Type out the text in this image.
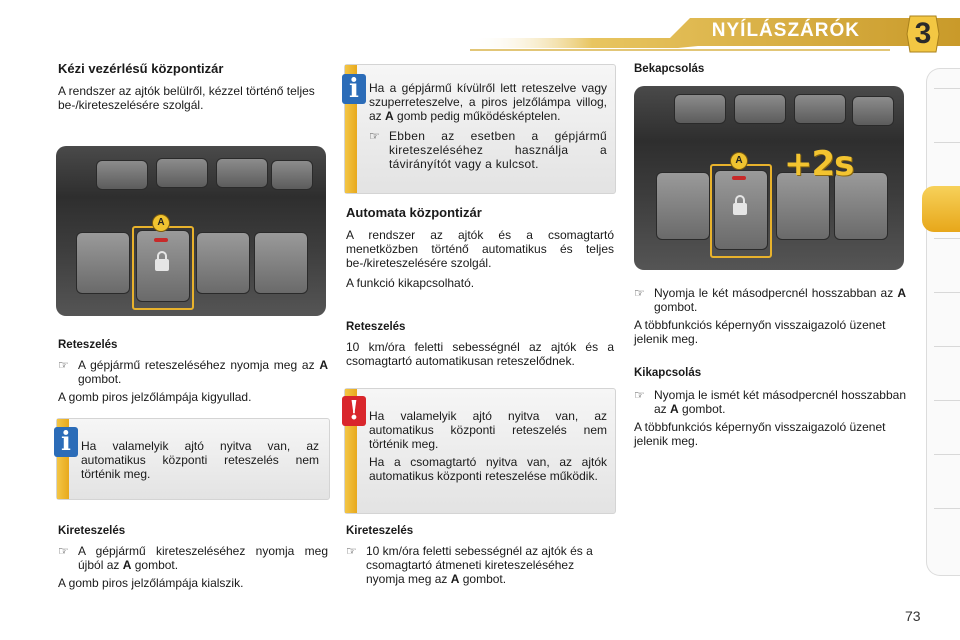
NYÍLÁSZÁRÓK 3
Kézi vezérlésű központizár

A rendszer az ajtók belülről, kézzel történő teljes be-/kireteszelésére szolgál.

A
Reteszelés
☞ A gépjármű reteszeléséhez nyomja meg az A gombot.

A gomb piros jelzőlámpája kigyullad.

Ha valamelyik ajtó nyitva van, az automatikus központi reteszelés nem történik meg.
i
Kireteszelés
☞ A gépjármű kireteszeléséhez nyomja meg újból az A gombot.

A gomb piros jelzőlámpája kialszik.

Ha a gépjármű kívülről lett reteszelve vagy szuperreteszelve, a piros jelzőlámpa villog, az A gomb pedig működésképtelen.

☞ Ebben az esetben a gépjármű kireteszeléséhez használja a távirányítót vagy a kulcsot.
i
Automata központizár

A rendszer az ajtók és a csomagtartó menetközben történő automatikus és teljes be-/kireteszelésére szolgál.

A funkció kikapcsolható.

Reteszelés

10 km/óra feletti sebességnél az ajtók és a csomagtartó automatikusan reteszelődnek.

Ha valamelyik ajtó nyitva van, az automatikus központi reteszelés nem történik meg.

Ha a csomagtartó nyitva van, az ajtók automatikus központi reteszelése működik.

!
Kireteszelés
☞ 10 km/óra feletti sebességnél az ajtók és a csomagtartó átmeneti kireteszeléséhez nyomja meg az A gombot.
Bekapcsolás
A +2s
☞ Nyomja le két másodpercnél hosszabban az A gombot.

A többfunkciós képernyőn visszaigazoló üzenet jelenik meg.

Kikapcsolás
☞ Nyomja le ismét két másodpercnél hosszabban az A gombot.

A többfunkciós képernyőn visszaigazoló üzenet jelenik meg.

73
